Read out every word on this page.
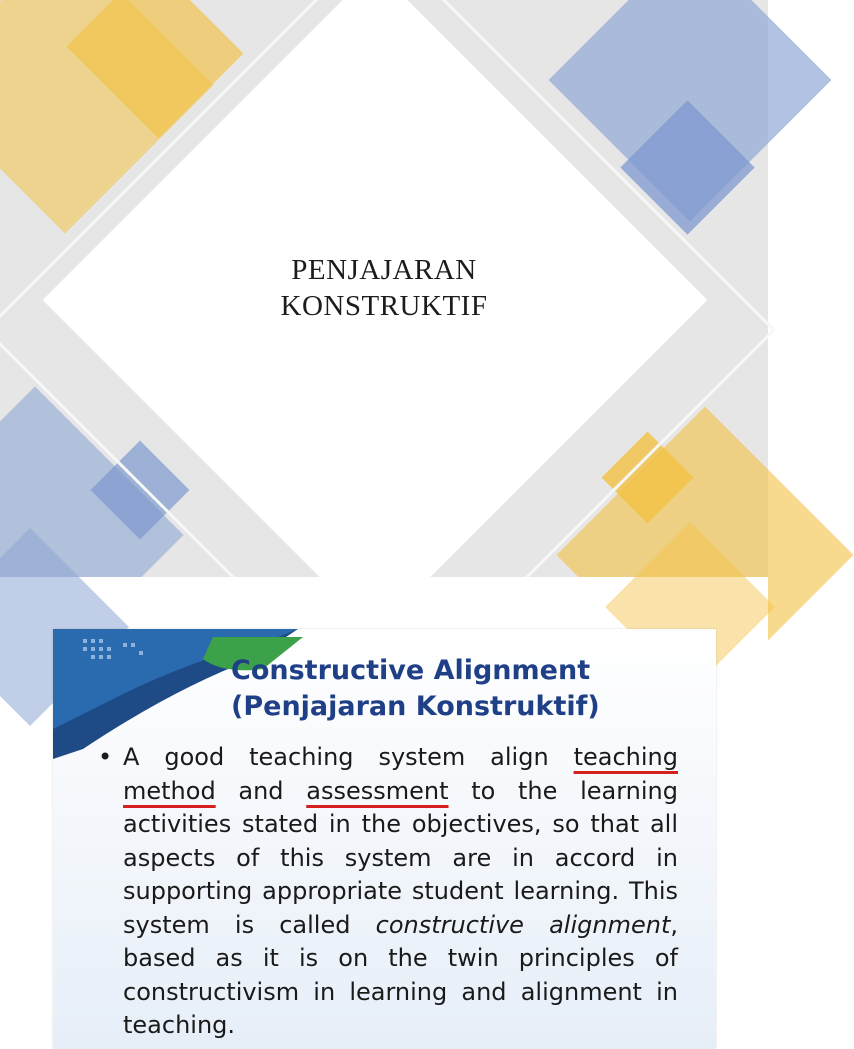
PENJAJARAN
KONSTRUKTIF
Constructive Alignment
(Penjajaran Konstruktif)
• A good teaching system align teaching method and assessment to the learning activities stated in the objectives, so that all aspects of this system are in accord in supporting appropriate student learning. This system is called constructive alignment, based as it is on the twin principles of constructivism in learning and alignment in teaching.
